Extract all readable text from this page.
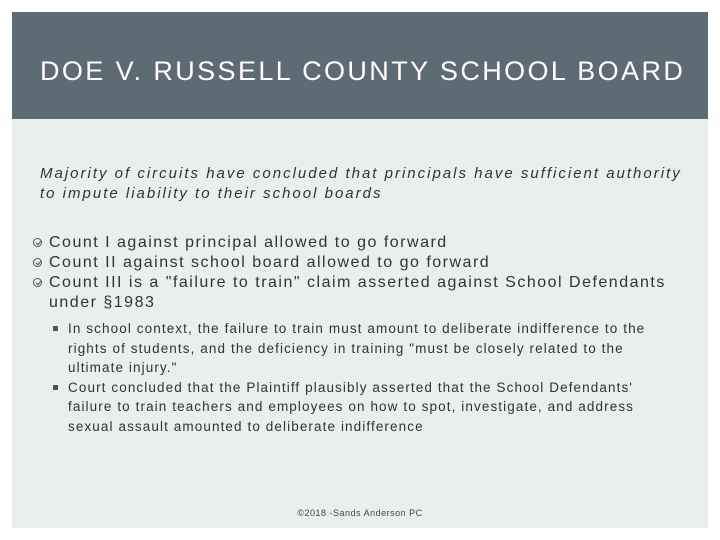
DOE V. RUSSELL COUNTY SCHOOL BOARD

Majority of circuits have concluded that principals have sufficient authority to impute liability to their school boards

Count I against principal allowed to go forward
Count II against school board allowed to go forward
Count III is a "failure to train" claim asserted against School Defendants under §1983
In school context, the failure to train must amount to deliberate indifference to the rights of students, and the deficiency in training "must be closely related to the ultimate injury."
Court concluded that the Plaintiff plausibly asserted that the School Defendants' failure to train teachers and employees on how to spot, investigate, and address sexual assault amounted to deliberate indifference
©2018 -Sands Anderson PC
